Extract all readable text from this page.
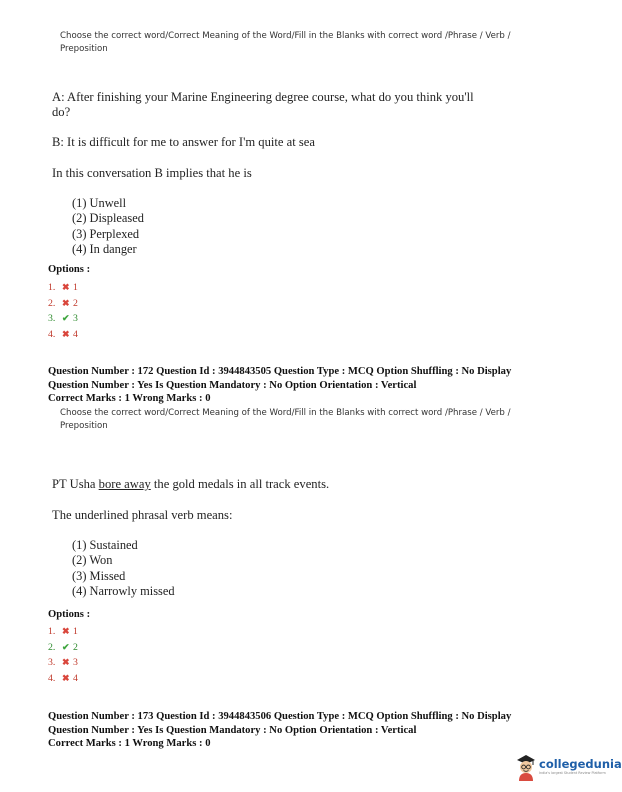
Choose the correct word/Correct Meaning of the Word/Fill in the Blanks with correct word /Phrase / Verb / Preposition
A: After finishing your Marine Engineering degree course, what do you think you'll
do?
B: It is difficult for me to answer for I'm quite at sea
In this conversation B implies that he is
(1) Unwell
(2) Displeased
(3) Perplexed
(4) In danger
Options :
1. ✖ 1
2. ✖ 2
3. ✔ 3
4. ✖ 4
Question Number : 172 Question Id : 3944843505 Question Type : MCQ Option Shuffling : No Display
Question Number : Yes Is Question Mandatory : No Option Orientation : Vertical
Correct Marks : 1 Wrong Marks : 0
Choose the correct word/Correct Meaning of the Word/Fill in the Blanks with correct word /Phrase / Verb / Preposition
PT Usha bore away the gold medals in all track events.
The underlined phrasal verb means:
(1) Sustained
(2) Won
(3) Missed
(4) Narrowly missed
Options :
1. ✖ 1
2. ✔ 2
3. ✖ 3
4. ✖ 4
Question Number : 173 Question Id : 3944843506 Question Type : MCQ Option Shuffling : No Display
Question Number : Yes Is Question Mandatory : No Option Orientation : Vertical
Correct Marks : 1 Wrong Marks : 0
collegedunia
India's largest Student Review Platform
